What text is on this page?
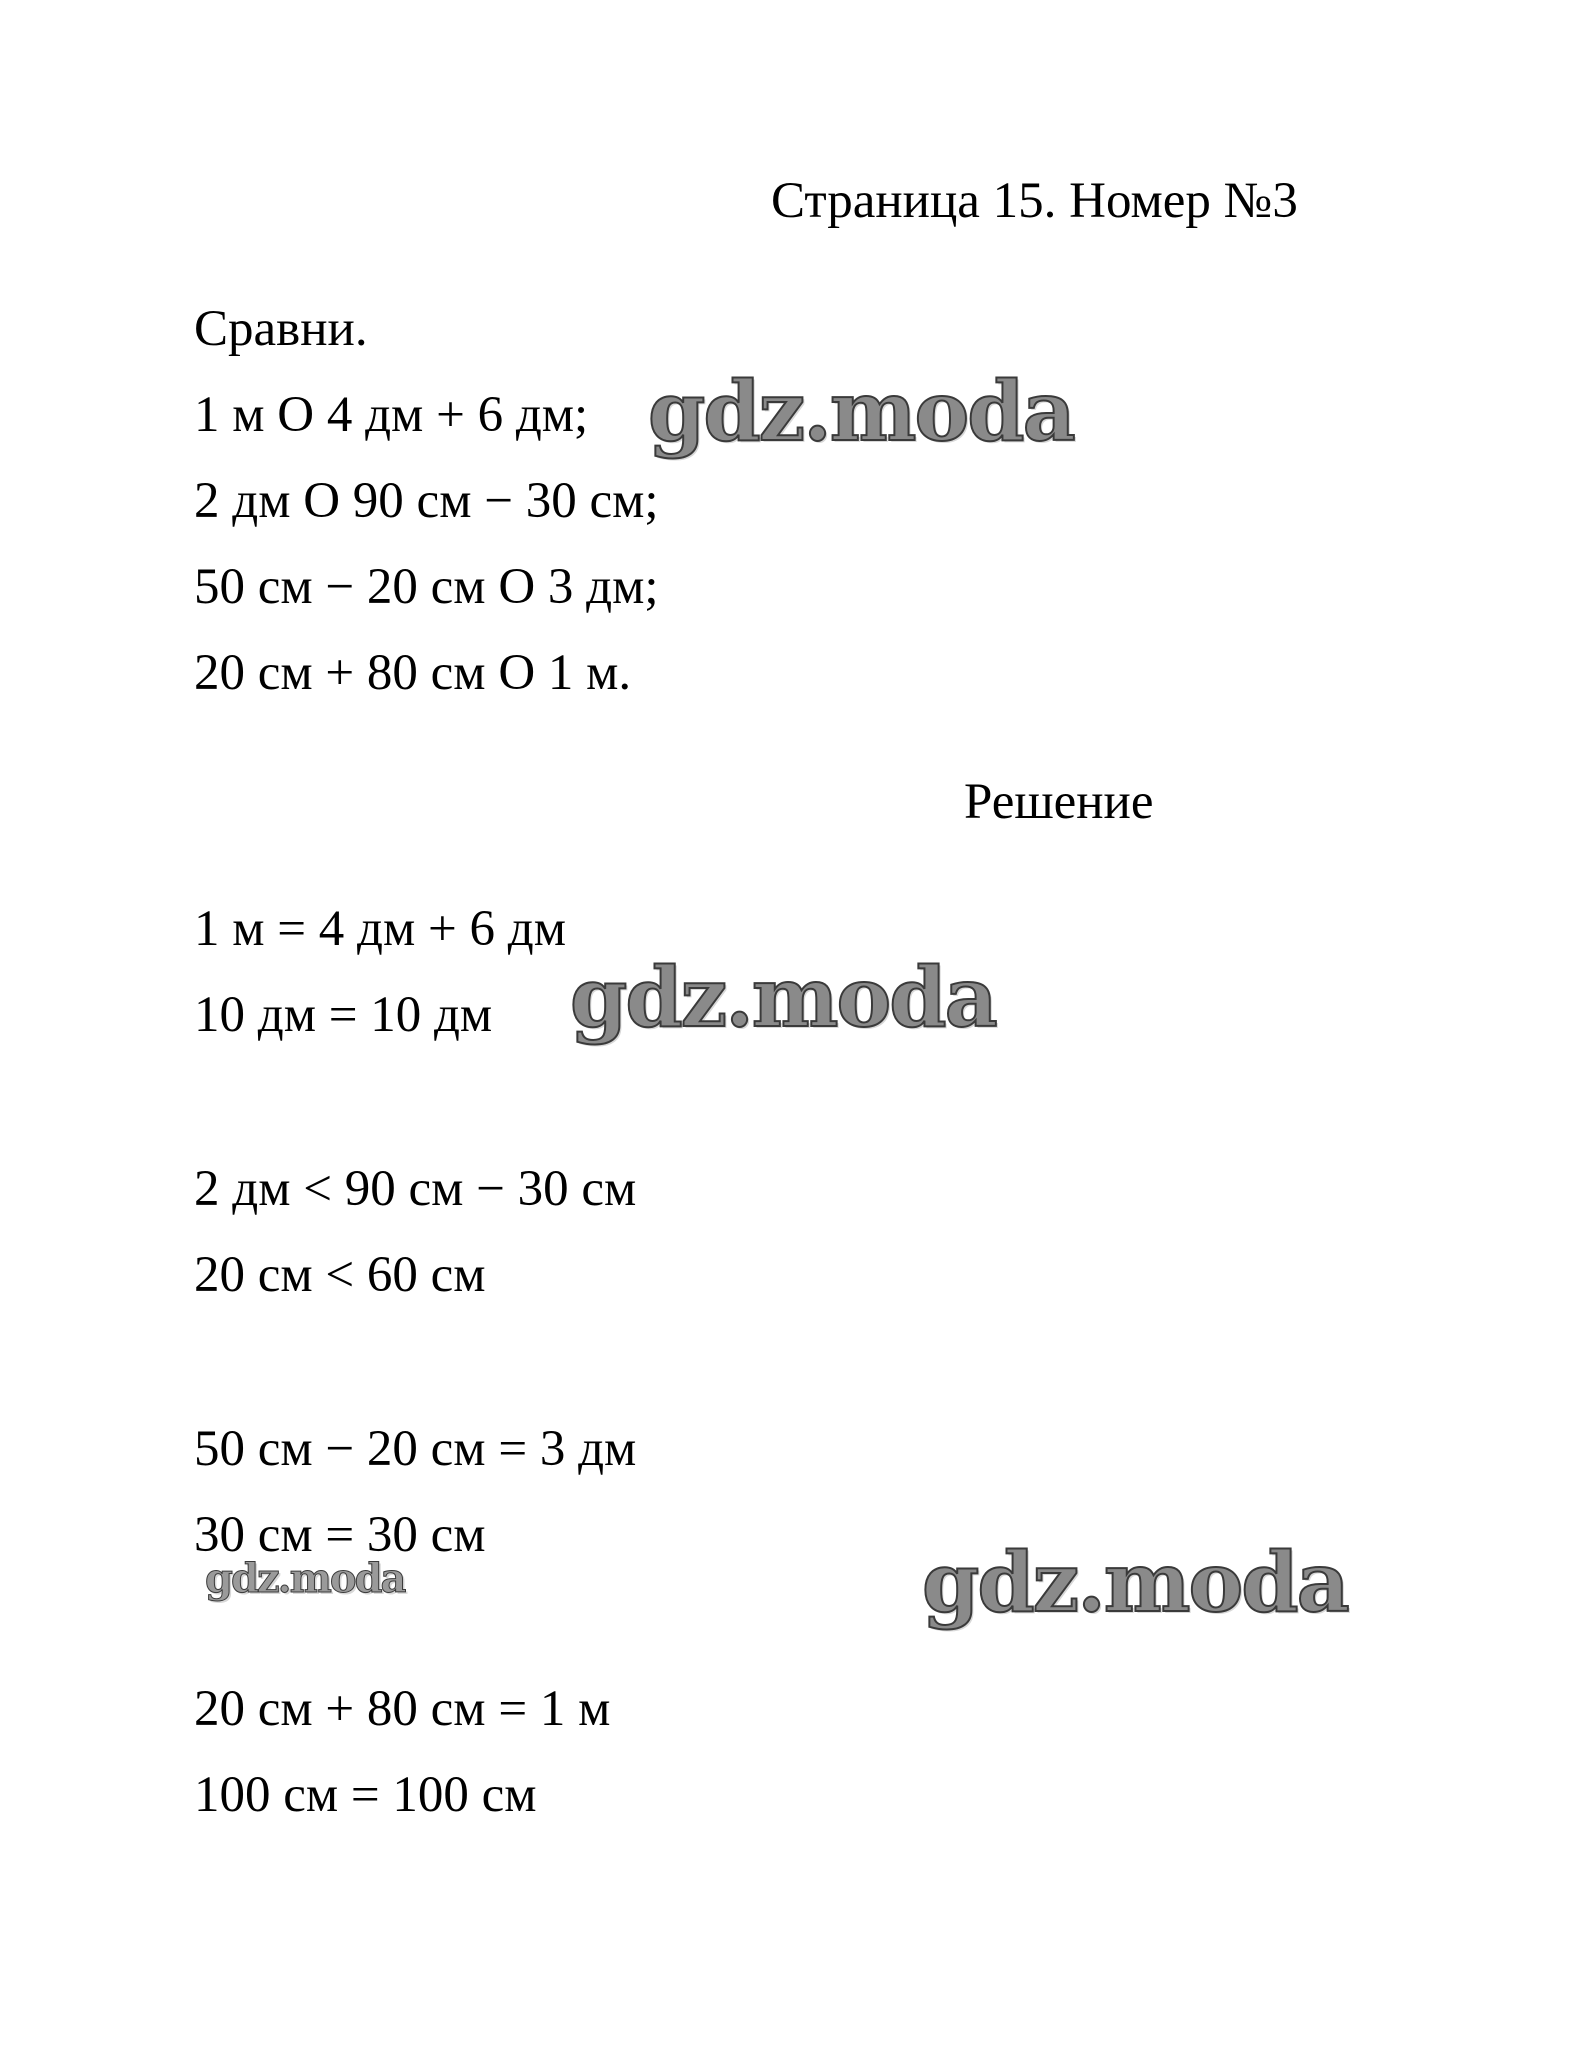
Страница 15. Номер №3
Сравни.
1 м О 4 дм + 6 дм;
2 дм О 90 см − 30 см;
50 см − 20 см О 3 дм;
20 см + 80 см О 1 м.
Решение
1 м = 4 дм + 6 дм
10 дм = 10 дм
2 дм < 90 см − 30 см
20 см < 60 см
50 см − 20 см = 3 дм
30 см = 30 см
20 см + 80 см = 1 м
100 см = 100 см
gdz.moda
gdz.moda
gdz.moda	gdz.moda
